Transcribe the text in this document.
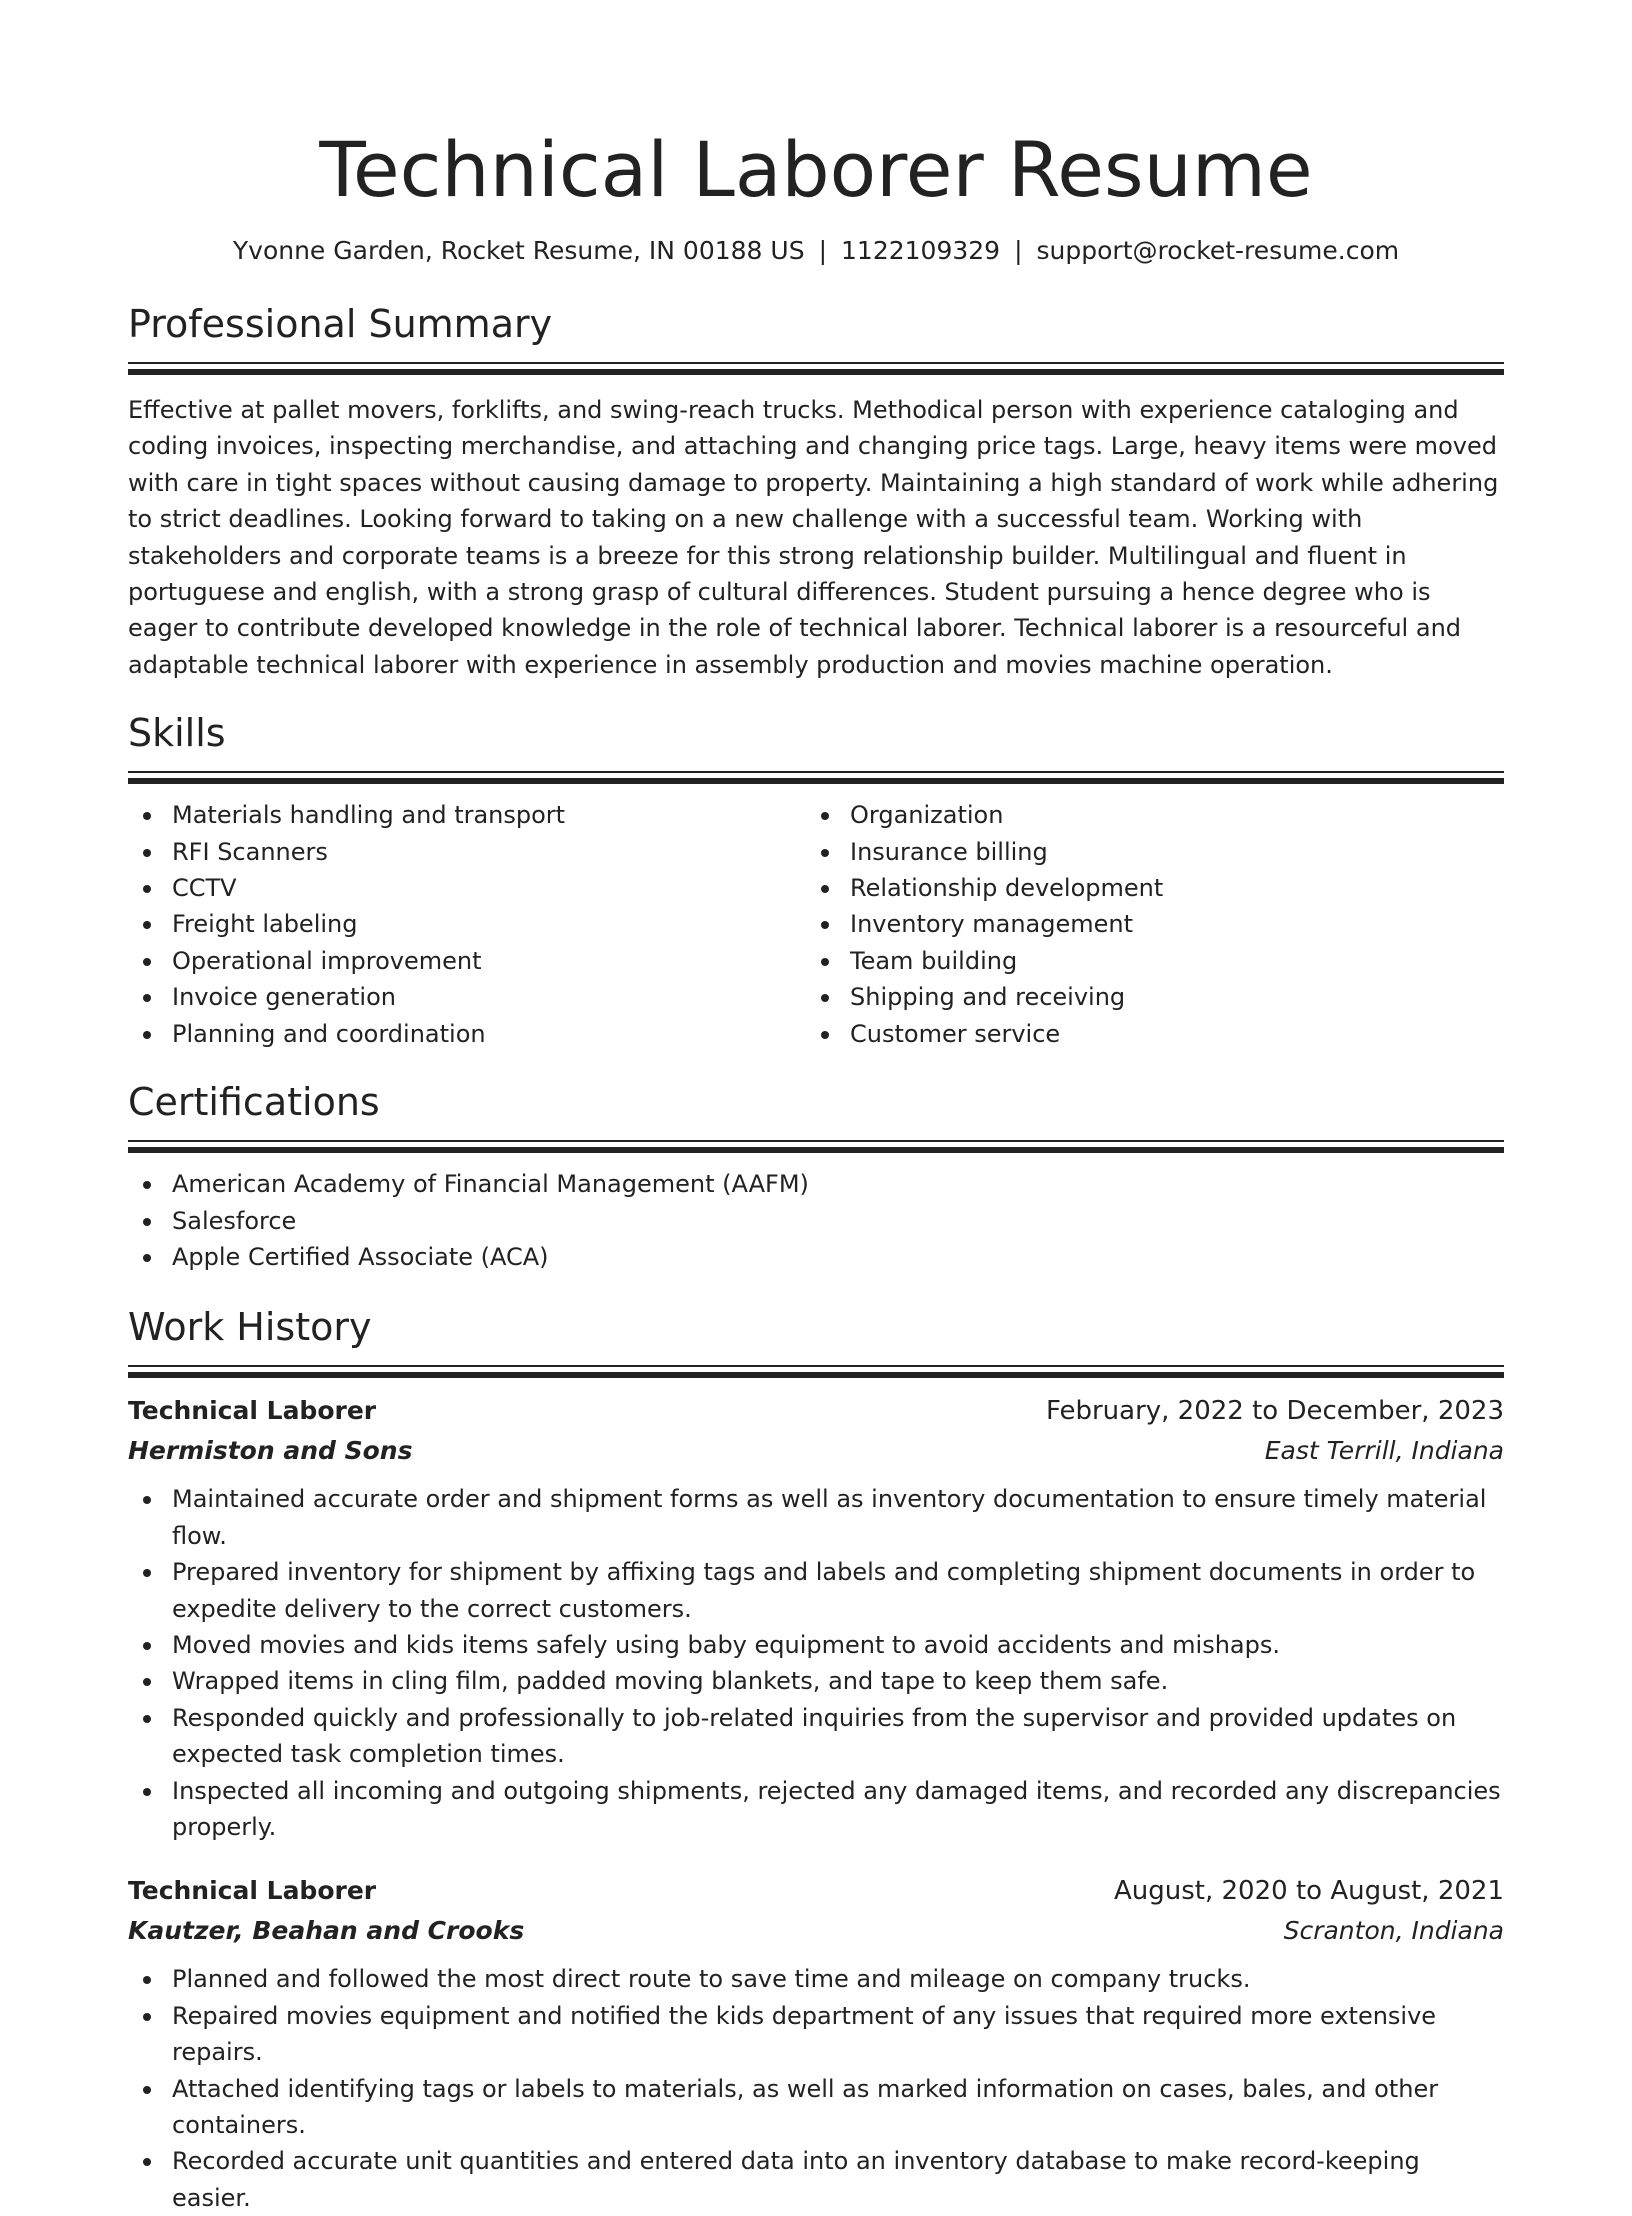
Technical Laborer Resume
Yvonne Garden, Rocket Resume, IN 00188 US | 1122109329 | support@rocket-resume.com
Professional Summary

Effective at pallet movers, forklifts, and swing-reach trucks. Methodical person with experience cataloging and coding invoices, inspecting merchandise, and attaching and changing price tags. Large, heavy items were moved with care in tight spaces without causing damage to property. Maintaining a high standard of work while adhering to strict deadlines. Looking forward to taking on a new challenge with a successful team. Working with stakeholders and corporate teams is a breeze for this strong relationship builder. Multilingual and fluent in portuguese and english, with a strong grasp of cultural differences. Student pursuing a hence degree who is eager to contribute developed knowledge in the role of technical laborer. Technical laborer is a resourceful and adaptable technical laborer with experience in assembly production and movies machine operation.

Skills
Materials handling and transport
RFI Scanners
CCTV
Freight labeling
Operational improvement
Invoice generation
Planning and coordination
Organization
Insurance billing
Relationship development
Inventory management
Team building
Shipping and receiving
Customer service
Certifications
American Academy of Financial Management (AAFM)
Salesforce
Apple Certified Associate (ACA)
Work History
Technical Laborer	February, 2022 to December, 2023
Hermiston and Sons	East Terrill, Indiana
Maintained accurate order and shipment forms as well as inventory documentation to ensure timely material flow.
Prepared inventory for shipment by affixing tags and labels and completing shipment documents in order to expedite delivery to the correct customers.
Moved movies and kids items safely using baby equipment to avoid accidents and mishaps.
Wrapped items in cling film, padded moving blankets, and tape to keep them safe.
Responded quickly and professionally to job-related inquiries from the supervisor and provided updates on expected task completion times.
Inspected all incoming and outgoing shipments, rejected any damaged items, and recorded any discrepancies properly.
Technical Laborer	August, 2020 to August, 2021
Kautzer, Beahan and Crooks	Scranton, Indiana
Planned and followed the most direct route to save time and mileage on company trucks.
Repaired movies equipment and notified the kids department of any issues that required more extensive repairs.
Attached identifying tags or labels to materials, as well as marked information on cases, bales, and other containers.
Recorded accurate unit quantities and entered data into an inventory database to make record-keeping easier.
